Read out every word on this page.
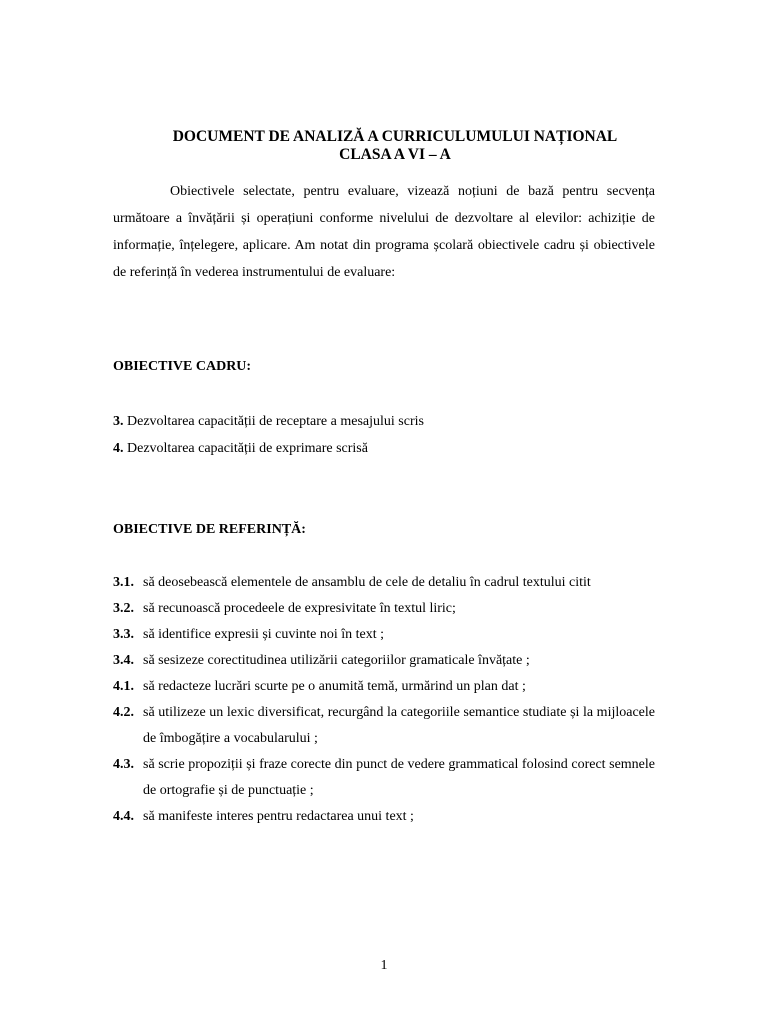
DOCUMENT DE ANALIZĂ A CURRICULUMULUI NAȚIONAL
CLASA A VI – A

Obiectivele selectate, pentru evaluare, vizează noțiuni de bază pentru secvența următoare a învățării și operațiuni conforme nivelului de dezvoltare al elevilor: achiziție de informație, înțelegere, aplicare. Am notat din programa școlară obiectivele cadru și obiectivele de referință în vederea instrumentului de evaluare:

OBIECTIVE CADRU:
3. Dezvoltarea capacității de receptare a mesajului scris
4. Dezvoltarea capacității de exprimare scrisă
OBIECTIVE DE REFERINȚĂ:
3.1. să deosebească elementele de ansamblu de cele de detaliu în cadrul textului citit
3.2. să recunoască procedeele de expresivitate în textul liric;
3.3. să identifice expresii și cuvinte noi în text ;
3.4. să sesizeze corectitudinea utilizării categoriilor gramaticale învățate ;
4.1. să redacteze lucrări scurte pe o anumită temă, urmărind un plan dat ;
4.2. să utilizeze un lexic diversificat, recurgând la categoriile semantice studiate și la mijloacele de îmbogățire a vocabularului ;
4.3. să scrie propoziții și fraze corecte din punct de vedere grammatical folosind corect semnele de ortografie și de punctuație ;
4.4. să manifeste interes pentru redactarea unui text ;
1
